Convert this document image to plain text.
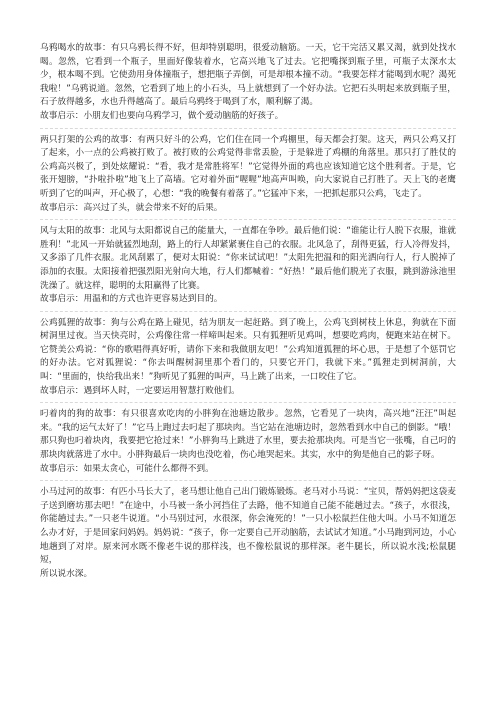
乌鸦喝水的故事：有只乌鸦长得不好，但却特别聪明，很爱动脑筋。一天，它干完活又累又渴，就到处找水喝。忽然，它看到一个瓶子，里面好像装着水，它高兴地飞了过去。它把嘴探到瓶子里，可瓶子太深水太少，根本喝不到。它使劲用身体撞瓶子，想把瓶子弄倒，可是却根本撞不动。“我要怎样才能喝到水呢？渴死我啦！”乌鸦说道。忽然，它看到了地上的小石头，马上就想到了一个好办法。它把石头明起来放到瓶子里，石子放得越多，水也升得越高了。最后乌鸦终于喝到了水，顺利解了渴。

故事启示：小朋友们也要向乌鸦学习，做个爱动脑筋的好孩子。

两只打架的公鸡的故事：有两只好斗的公鸡，它们住在同一个鸡棚里，每天都会打架。这天，两只公鸡又打了起来，小一点的公鸡被打败了。被打败的公鸡觉得非常丢脸，于是躲进了鸡棚的角落里。那只打了胜仗的公鸡高兴极了，到处炫耀说：“看，我才是常胜将军！”它觉得外面的鸡也应该知道它这个胜利者。于是，它张开翅膀，“扑啦扑啦”地飞上了高墙。它对着外面“喔喔”地高声叫唤，向大家说自己打胜了。天上飞的老鹰听到了它的叫声，开心极了，心想：“我的晚餐有着落了。”它猛冲下来，一把抓起那只公鸡，飞走了。

故事启示：高兴过了头，就会带来不好的后果。

风与太阳的故事：北风与太阳都说自己的能量大，一直都在争吵。最后他们说：“谁能让行人脱下衣服，谁就胜利！”北风一开始就猛烈地刮，路上的行人却紧紧裹住自己的衣服。北风急了，刮得更猛，行人冷得发抖，又多添了几件衣服。北风刮累了，便对太阳说：“你来试试吧！”太阳先把温和的阳光洒向行人，行人脱掉了添加的衣服。太阳接着把强烈阳光射向大地，行人们都喊着：“好热！”最后他们脱光了衣服，跳到游泳池里洗澡了。就这样，聪明的太阳赢得了比赛。

故事启示：用温和的方式也许更容易达到目的。

公鸡狐狸的故事：狗与公鸡在路上碰见，结为朋友一起赶路。到了晚上，公鸡飞到树枝上休息，狗就在下面树洞里过夜。当天快亮时，公鸡像往常一样啼叫起来。只有狐狸听见鸡叫，想要吃鸡肉，便跑来站在树下。它赞美公鸡说：“你的歌唱得真好听，请你下来和我做朋友吧！”公鸡知道狐狸的坏心思，于是想了个惩罚它的好办法。它对狐狸说：“你去叫醒树洞里那个看门的，只要它开门，我就下来。”狐狸走到树洞前，大叫：“里面的，快给我出来！”狗听见了狐狸的叫声，马上跳了出来，一口咬住了它。

故事启示：遇到坏人时，一定要运用智慧打败他们。

叼着肉的狗的故事：有只很喜欢吃肉的小胖狗在池塘边散步。忽然，它看见了一块肉，高兴地“汪汪”叫起来。“我的运气太好了！”它马上跑过去叼起了那块肉。当它站在池塘边时，忽然看到水中自己的倒影。“哦！那只狗也叼着块肉，我要把它抢过来！”小胖狗马上跳进了水里，要去抢那块肉。可是当它一张嘴，自己叼的那块肉就落进了水中。小胖狗最后一块肉也没吃着，伤心地哭起来。其实，水中的狗是他自己的影子呀。

故事启示：如果太贪心，可能什么都得不到。

小马过河的故事：有匹小马长大了，老马想让他自己出门锻炼锻炼。老马对小马说：“宝贝，帮妈妈把这袋麦子送到磨坊那去吧！”在途中，小马被一条小河挡住了去路，他不知道自己能不能趟过去。“孩子，水很浅，你能趟过去。”一只老牛说道。“小马别过河，水很深，你会淹死的！”一只小松鼠拦住他大叫。小马不知道怎么办才好，于是回家问妈妈。妈妈说：“孩子，你一定要自己开动脑筋，去试试才知道。”小马跑到河边，小心地趟到了对岸。原来河水既不像老牛说的那样浅，也不像松鼠说的那样深。老牛腿长，所以说水浅;松鼠腿短，

所以说水深。
